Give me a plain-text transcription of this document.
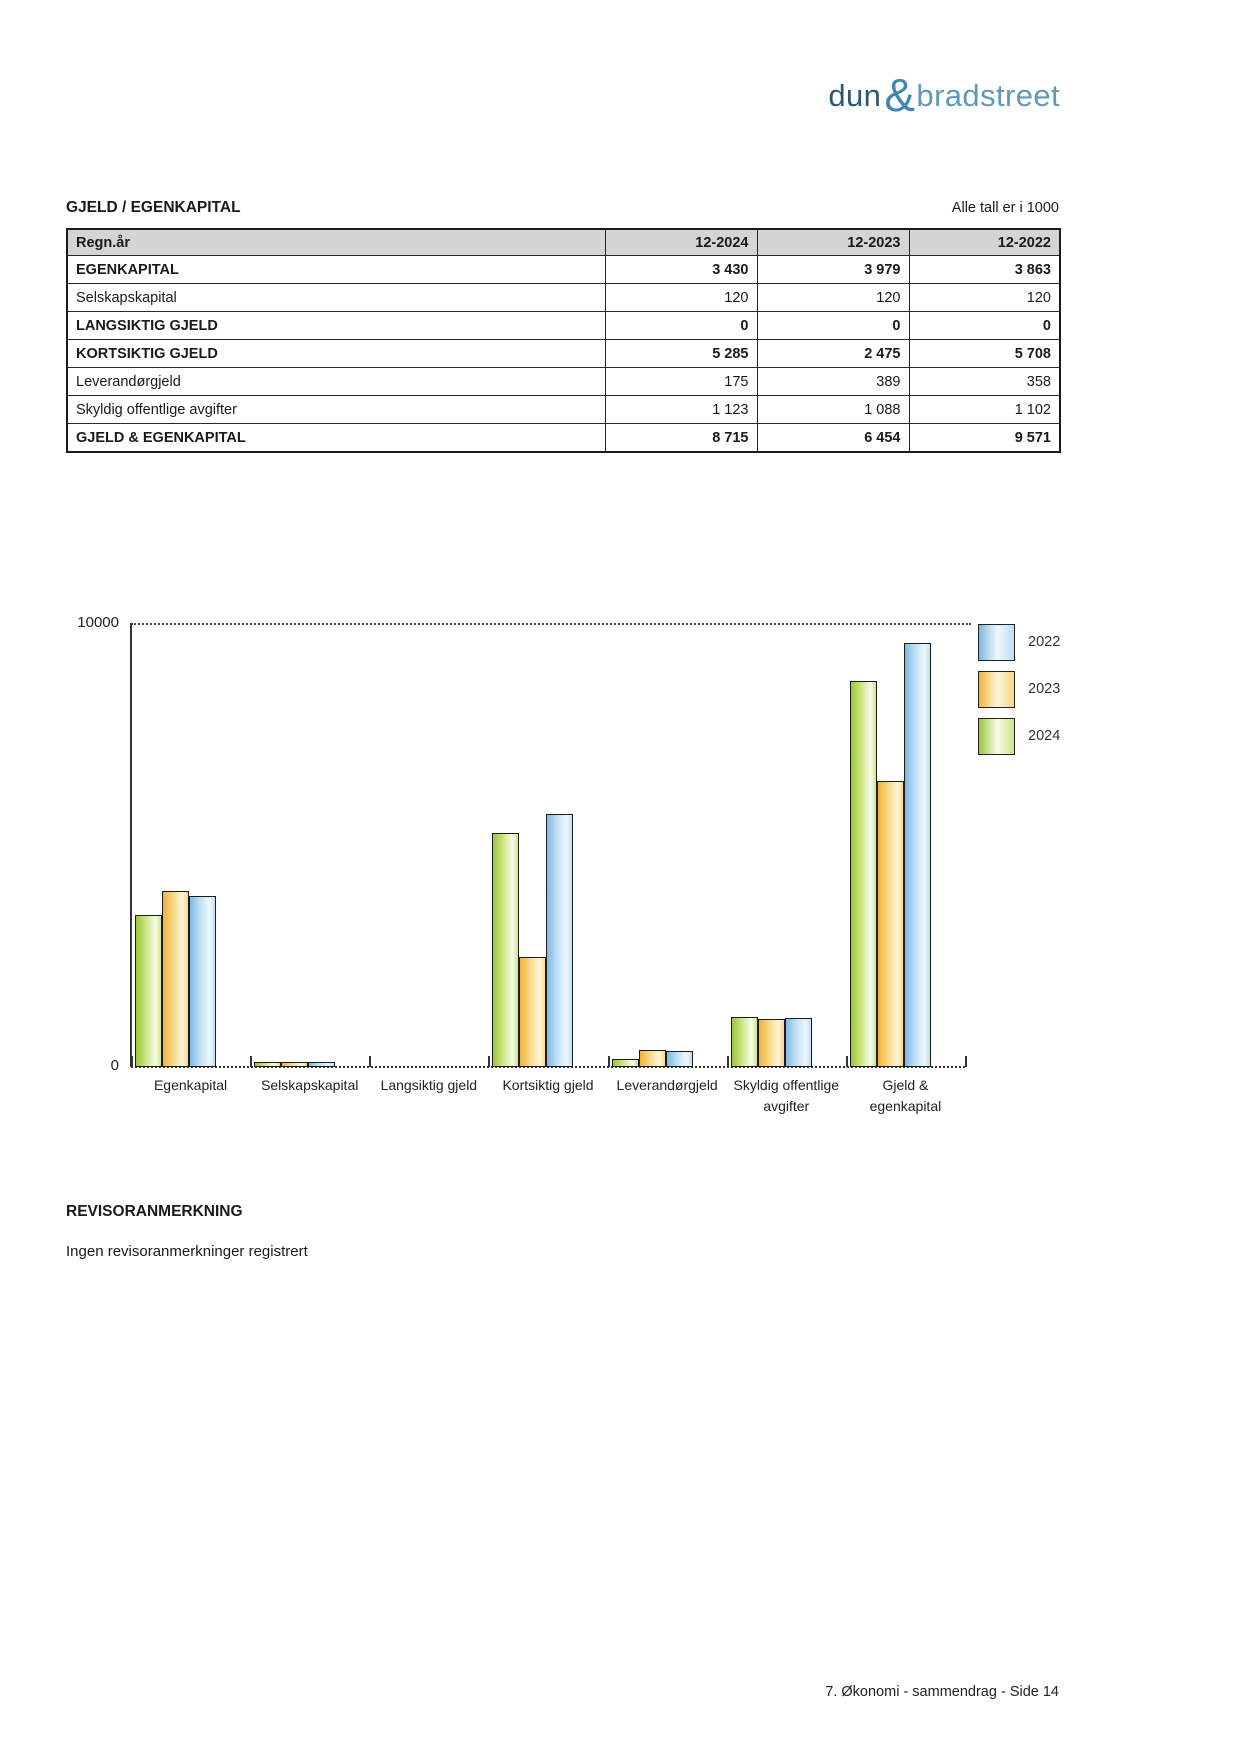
dun&bradstreet
GJELD / EGENKAPITAL	Alle tall er i 1000
Regn.år	12-2024	12-2023	12-2022
EGENKAPITAL	3 430	3 979	3 863
Selskapskapital	120	120	120
LANGSIKTIG GJELD	0	0	0
KORTSIKTIG GJELD	5 285	2 475	5 708
Leverandørgjeld	175	389	358
Skyldig offentlige avgifter	1 123	1 088	1 102
GJELD & EGENKAPITAL	8 715	6 454	9 571
10000
0
Egenkapital	Selskapskapital	Langsiktig gjeld	Kortsiktig gjeld	Leverandørgjeld	Skyldig offentlige avgifter
Gjeld & egenkapital
2022
2023
2024
REVISORANMERKNING
Ingen revisoranmerkninger registrert
7. Økonomi - sammendrag - Side 14
